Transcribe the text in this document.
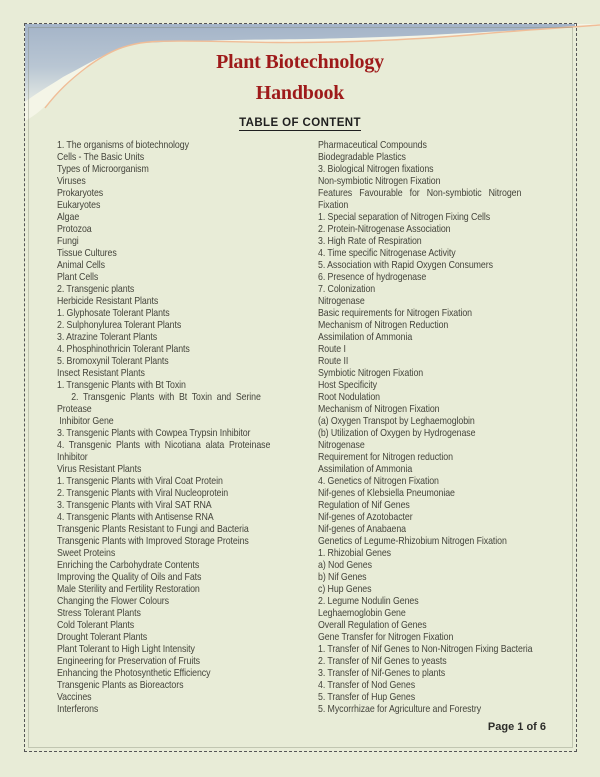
Plant Biotechnology
Handbook
TABLE OF CONTENT
1. The organisms of biotechnology
Cells - The Basic Units
Types of Microorganism
Viruses
Prokaryotes
Eukaryotes
Algae
Protozoa
Fungi
Tissue Cultures
Animal Cells
Plant Cells
2. Transgenic plants
Herbicide Resistant Plants
1. Glyphosate Tolerant Plants
2. Sulphonylurea Tolerant Plants
3. Atrazine Tolerant Plants
4. Phosphinothricin Tolerant Plants
5. Bromoxynil Tolerant Plants
Insect Resistant Plants
1. Transgenic Plants with Bt Toxin
2.  Transgenic  Plants  with  Bt  Toxin  and  Serine
Protease
Inhibitor Gene
3. Transgenic Plants with Cowpea Trypsin Inhibitor
4.  Transgenic  Plants  with  Nicotiana  alata  Proteinase
Inhibitor
Virus Resistant Plants
1. Transgenic Plants with Viral Coat Protein
2. Transgenic Plants with Viral Nucleoprotein
3. Transgenic Plants with Viral SAT RNA
4. Transgenic Plants with Antisense RNA
Transgenic Plants Resistant to Fungi and Bacteria
Transgenic Plants with Improved Storage Proteins
Sweet Proteins
Enriching the Carbohydrate Contents
Improving the Quality of Oils and Fats
Male Sterility and Fertility Restoration
Changing the Flower Colours
Stress Tolerant Plants
Cold Tolerant Plants
Drought Tolerant Plants
Plant Tolerant to High Light Intensity
Engineering for Preservation of Fruits
Enhancing the Photosynthetic Efficiency
Transgenic Plants as Bioreactors
Vaccines
Interferons
Pharmaceutical Compounds
Biodegradable Plastics
3. Biological Nitrogen fixations
Non-symbiotic Nitrogen Fixation
Features   Favourable   for   Non-symbiotic   Nitrogen
Fixation
1. Special separation of Nitrogen Fixing Cells
2. Protein-Nitrogenase Association
3. High Rate of Respiration
4. Time specific Nitrogenase Activity
5. Association with Rapid Oxygen Consumers
6. Presence of hydrogenase
7. Colonization
Nitrogenase
Basic requirements for Nitrogen Fixation
Mechanism of Nitrogen Reduction
Assimilation of Ammonia
Route I
Route II
Symbiotic Nitrogen Fixation
Host Specificity
Root Nodulation
Mechanism of Nitrogen Fixation
(a) Oxygen Transpot by Leghaemoglobin
(b) Utilization of Oxygen by Hydrogenase
Nitrogenase
Requirement for Nitrogen reduction
Assimilation of Ammonia
4. Genetics of Nitrogen Fixation
Nif-genes of Klebsiella Pneumoniae
Regulation of Nif Genes
Nif-genes of Azotobacter
Nif-genes of Anabaena
Genetics of Legume-Rhizobium Nitrogen Fixation
1. Rhizobial Genes
a) Nod Genes
b) Nif Genes
c) Hup Genes
2. Legume Nodulin Genes
Leghaemoglobin Gene
Overall Regulation of Genes
Gene Transfer for Nitrogen Fixation
1. Transfer of Nif Genes to Non-Nitrogen Fixing Bacteria
2. Transfer of Nif Genes to yeasts
3. Transfer of Nif-Genes to plants
4. Transfer of Nod Genes
5. Transfer of Hup Genes
5. Mycorrhizae for Agriculture and Forestry
Page 1 of 6
